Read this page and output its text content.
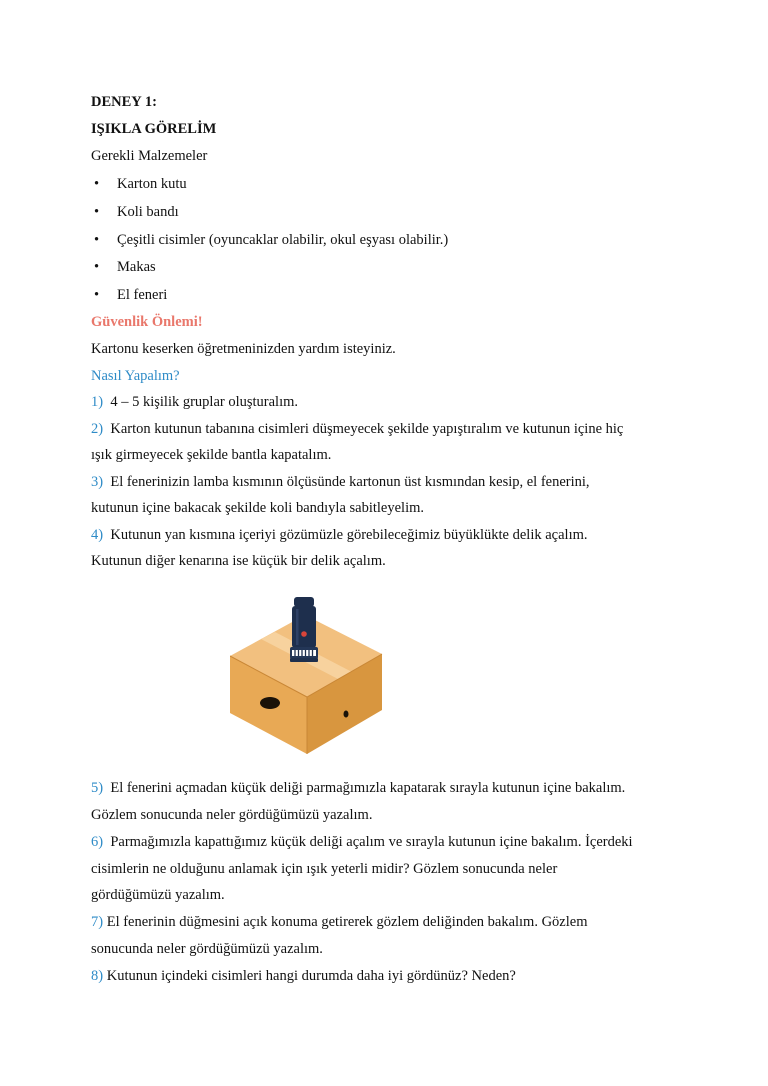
DENEY 1:
IŞIKLA GÖRELİM
Gerekli Malzemeler
• Karton kutu
• Koli bandı
• Çeşitli cisimler (oyuncaklar olabilir, okul eşyası olabilir.)
• Makas
• El feneri
Güvenlik Önlemi!
Kartonu keserken öğretmeninizden yardım isteyiniz.
Nasıl Yapalım?
1) 4 – 5 kişilik gruplar oluşturalım.
2) Karton kutunun tabanına cisimleri düşmeyecek şekilde yapıştıralım ve kutunun içine hiç
ışık girmeyecek şekilde bantla kapatalım.
3) El fenerinizin lamba kısmının ölçüsünde kartonun üst kısmından kesip, el fenerini,
kutunun içine bakacak şekilde koli bandıyla sabitleyelim.
4) Kutunun yan kısmına içeriyi gözümüzle görebileceğimiz büyüklükte delik açalım.
Kutunun diğer kenarına ise küçük bir delik açalım.
5) El fenerini açmadan küçük deliği parmağımızla kapatarak sırayla kutunun içine bakalım.
Gözlem sonucunda neler gördüğümüzü yazalım.
6) Parmağımızla kapattığımız küçük deliği açalım ve sırayla kutunun içine bakalım. İçerdeki
cisimlerin ne olduğunu anlamak için ışık yeterli midir? Gözlem sonucunda neler
gördüğümüzü yazalım.
7) El fenerinin düğmesini açık konuma getirerek gözlem deliğinden bakalım. Gözlem
sonucunda neler gördüğümüzü yazalım.
8) Kutunun içindeki cisimleri hangi durumda daha iyi gördünüz? Neden?
